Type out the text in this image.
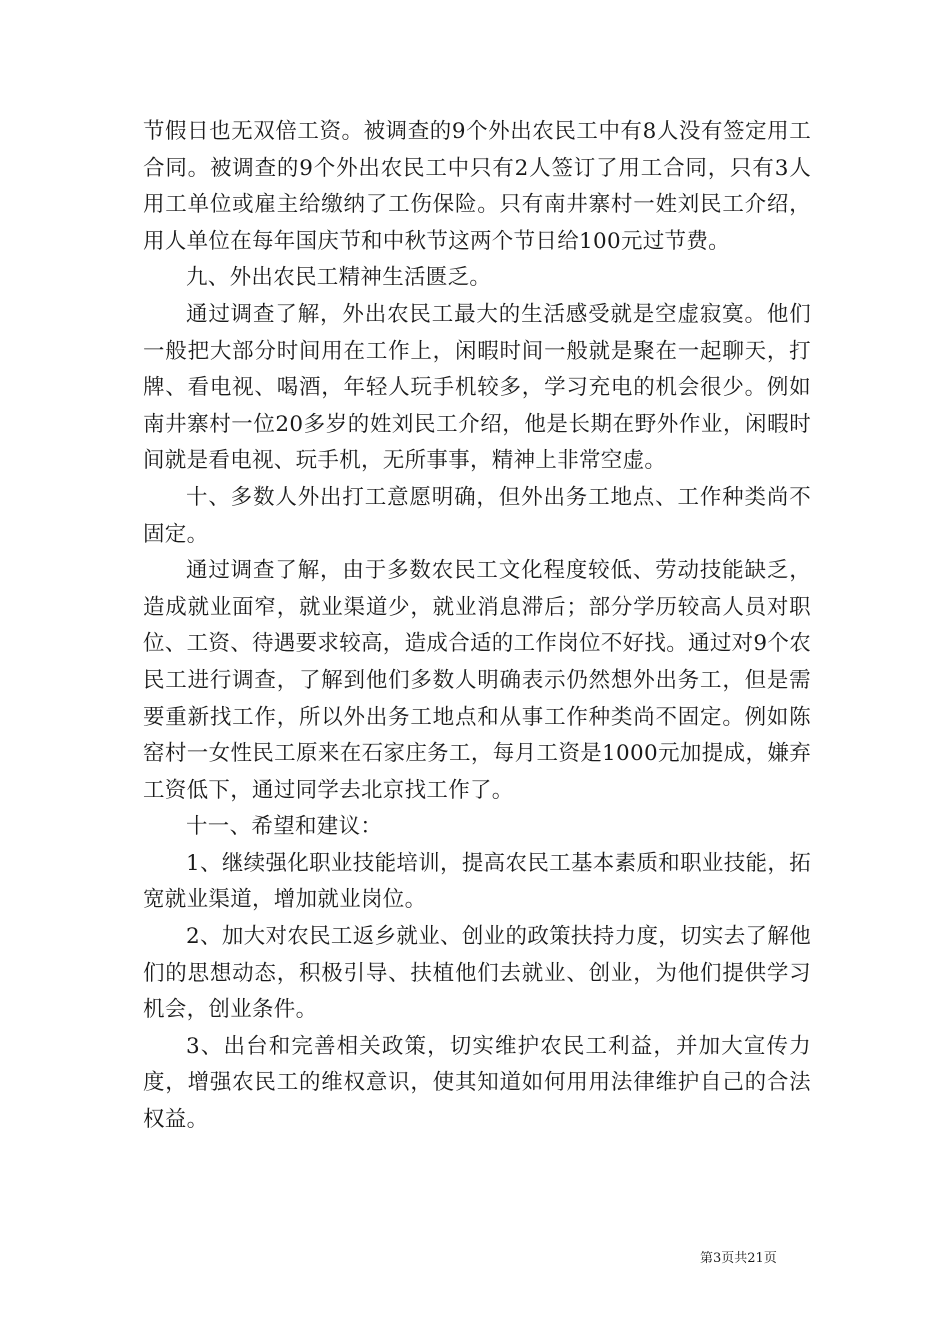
节假日也无双倍工资。被调查的9个外出农民工中有8人没有签定用工合同。被调查的9个外出农民工中只有2人签订了用工合同，只有3人用工单位或雇主给缴纳了工伤保险。只有南井寨村一姓刘民工介绍，用人单位在每年国庆节和中秋节这两个节日给100元过节费。

九、外出农民工精神生活匮乏。

通过调查了解，外出农民工最大的生活感受就是空虚寂寞。他们一般把大部分时间用在工作上，闲暇时间一般就是聚在一起聊天，打牌、看电视、喝酒，年轻人玩手机较多，学习充电的机会很少。例如南井寨村一位20多岁的姓刘民工介绍，他是长期在野外作业，闲暇时间就是看电视、玩手机，无所事事，精神上非常空虚。

十、多数人外出打工意愿明确，但外出务工地点、工作种类尚不固定。

通过调查了解，由于多数农民工文化程度较低、劳动技能缺乏，造成就业面窄，就业渠道少，就业消息滞后；部分学历较高人员对职位、工资、待遇要求较高，造成合适的工作岗位不好找。通过对9个农民工进行调查，了解到他们多数人明确表示仍然想外出务工，但是需要重新找工作，所以外出务工地点和从事工作种类尚不固定。例如陈窑村一女性民工原来在石家庄务工，每月工资是1000元加提成，嫌弃工资低下，通过同学去北京找工作了。

十一、希望和建议：

1、继续强化职业技能培训，提高农民工基本素质和职业技能，拓宽就业渠道，增加就业岗位。

2、加大对农民工返乡就业、创业的政策扶持力度，切实去了解他们的思想动态，积极引导、扶植他们去就业、创业，为他们提供学习机会，创业条件。

3、出台和完善相关政策，切实维护农民工利益，并加大宣传力度，增强农民工的维权意识，使其知道如何用用法律维护自己的合法权益。

第3页共21页
